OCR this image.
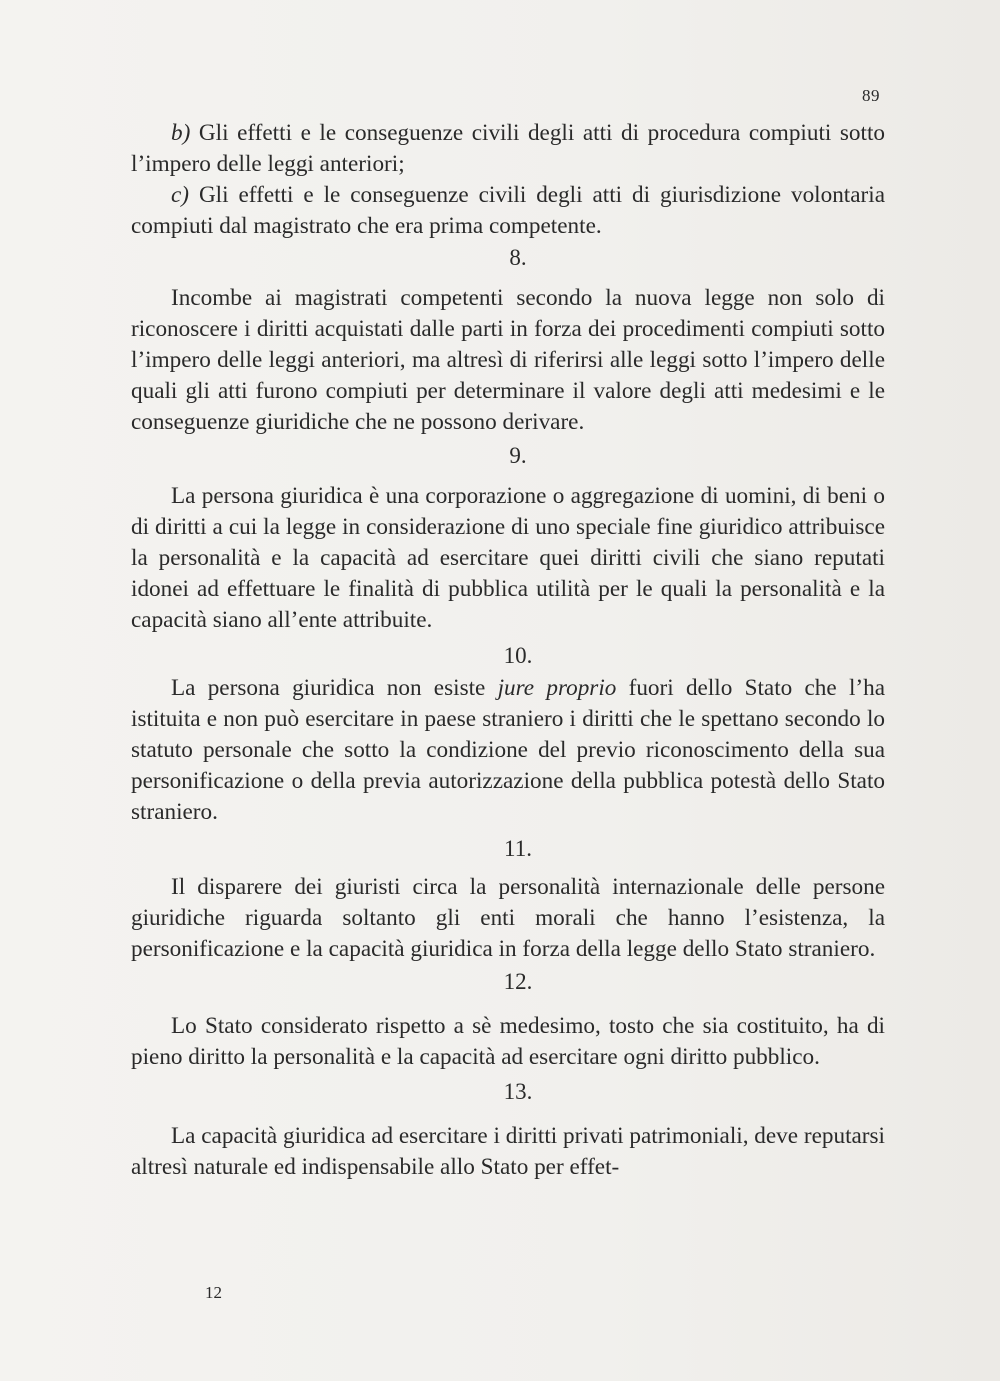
89

b) Gli effetti e le conseguenze civili degli atti di procedura compiuti sotto l’impero delle leggi anteriori;

c) Gli effetti e le conseguenze civili degli atti di giurisdizione volontaria compiuti dal magistrato che era prima competente.

8.

Incombe ai magistrati competenti secondo la nuova legge non solo di riconoscere i diritti acquistati dalle parti in forza dei procedimenti compiuti sotto l’impero delle leggi anteriori, ma altresì di riferirsi alle leggi sotto l’impero delle quali gli atti furono compiuti per determinare il valore degli atti medesimi e le conseguenze giuridiche che ne possono derivare.

9.

La persona giuridica è una corporazione o aggregazione di uomini, di beni o di diritti a cui la legge in considerazione di uno speciale fine giuridico attribuisce la personalità e la capacità ad esercitare quei diritti civili che siano reputati idonei ad effettuare le finalità di pubblica utilità per le quali la personalità e la capacità siano all’ente attribuite.

10.

La persona giuridica non esiste jure proprio fuori dello Stato che l’ha istituita e non può esercitare in paese straniero i diritti che le spettano secondo lo statuto personale che sotto la condizione del previo riconoscimento della sua personificazione o della previa autorizzazione della pubblica potestà dello Stato straniero.

11.

Il disparere dei giuristi circa la personalità internazionale delle persone giuridiche riguarda soltanto gli enti morali che hanno l’esistenza, la personificazione e la capacità giuridica in forza della legge dello Stato straniero.

12.

Lo Stato considerato rispetto a sè medesimo, tosto che sia costituito, ha di pieno diritto la personalità e la capacità ad esercitare ogni diritto pubblico.

13.

La capacità giuridica ad esercitare i diritti privati patrimoniali, deve reputarsi altresì naturale ed indispensabile allo Stato per effet-

12
